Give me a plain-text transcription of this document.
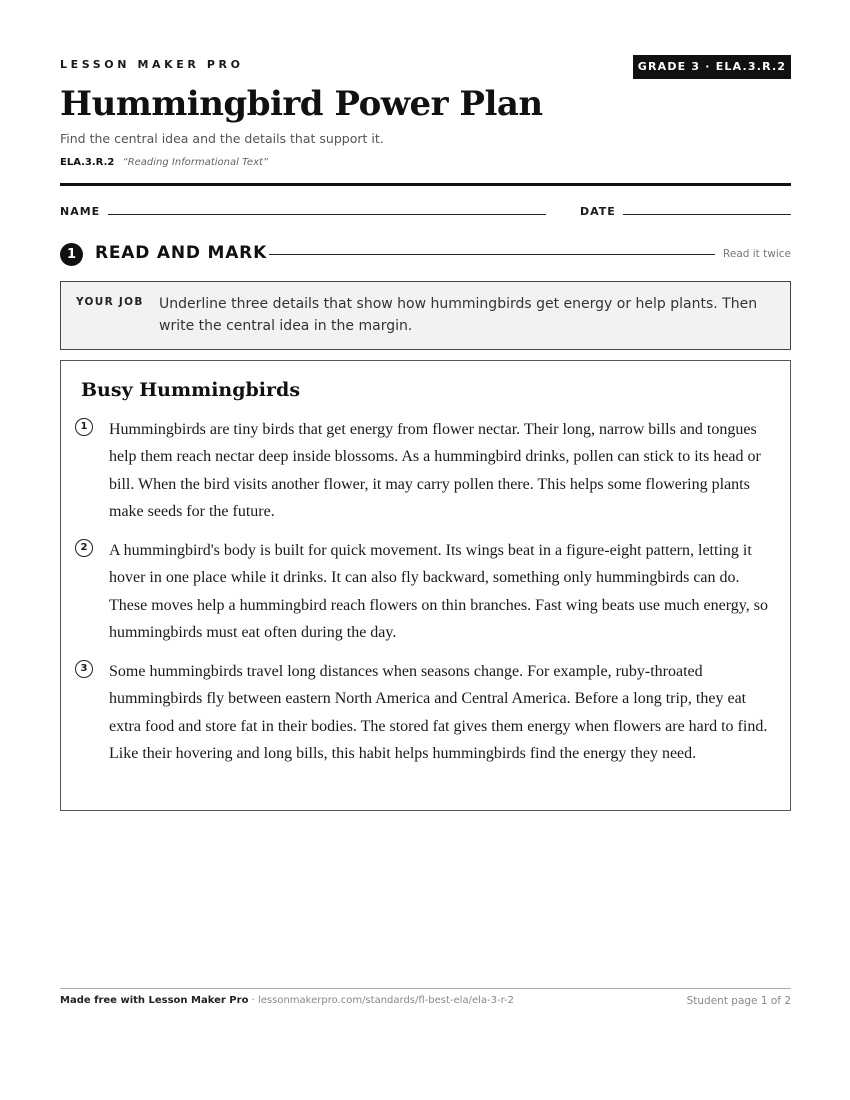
LESSON MAKER PRO	GRADE 3 · ELA.3.R.2
Hummingbird Power Plan
Find the central idea and the details that support it.
ELA.3.R.2 “Reading Informational Text”
NAME	DATE
1	READ AND MARK	Read it twice
YOUR JOB Underline three details that show how hummingbirds get energy or help plants. Then write the central idea in the margin.
Busy Hummingbirds
1	Hummingbirds are tiny birds that get energy from flower nectar. Their long, narrow bills and tongues help them reach nectar deep inside blossoms. As a hummingbird drinks, pollen can stick to its head or bill. When the bird visits another flower, it may carry pollen there. This helps some flowering plants make seeds for the future.

2	A hummingbird's body is built for quick movement. Its wings beat in a figure-eight pattern, letting it hover in one place while it drinks. It can also fly backward, something only hummingbirds can do. These moves help a hummingbird reach flowers on thin branches. Fast wing beats use much energy, so hummingbirds must eat often during the day.

3	Some hummingbirds travel long distances when seasons change. For example, ruby-throated hummingbirds fly between eastern North America and Central America. Before a long trip, they eat extra food and store fat in their bodies. The stored fat gives them energy when flowers are hard to find. Like their hovering and long bills, this habit helps hummingbirds find the energy they need.

Made free with Lesson Maker Pro · lessonmakerpro.com/standards/fl-best-ela/ela-3-r-2	Student page 1 of 2
